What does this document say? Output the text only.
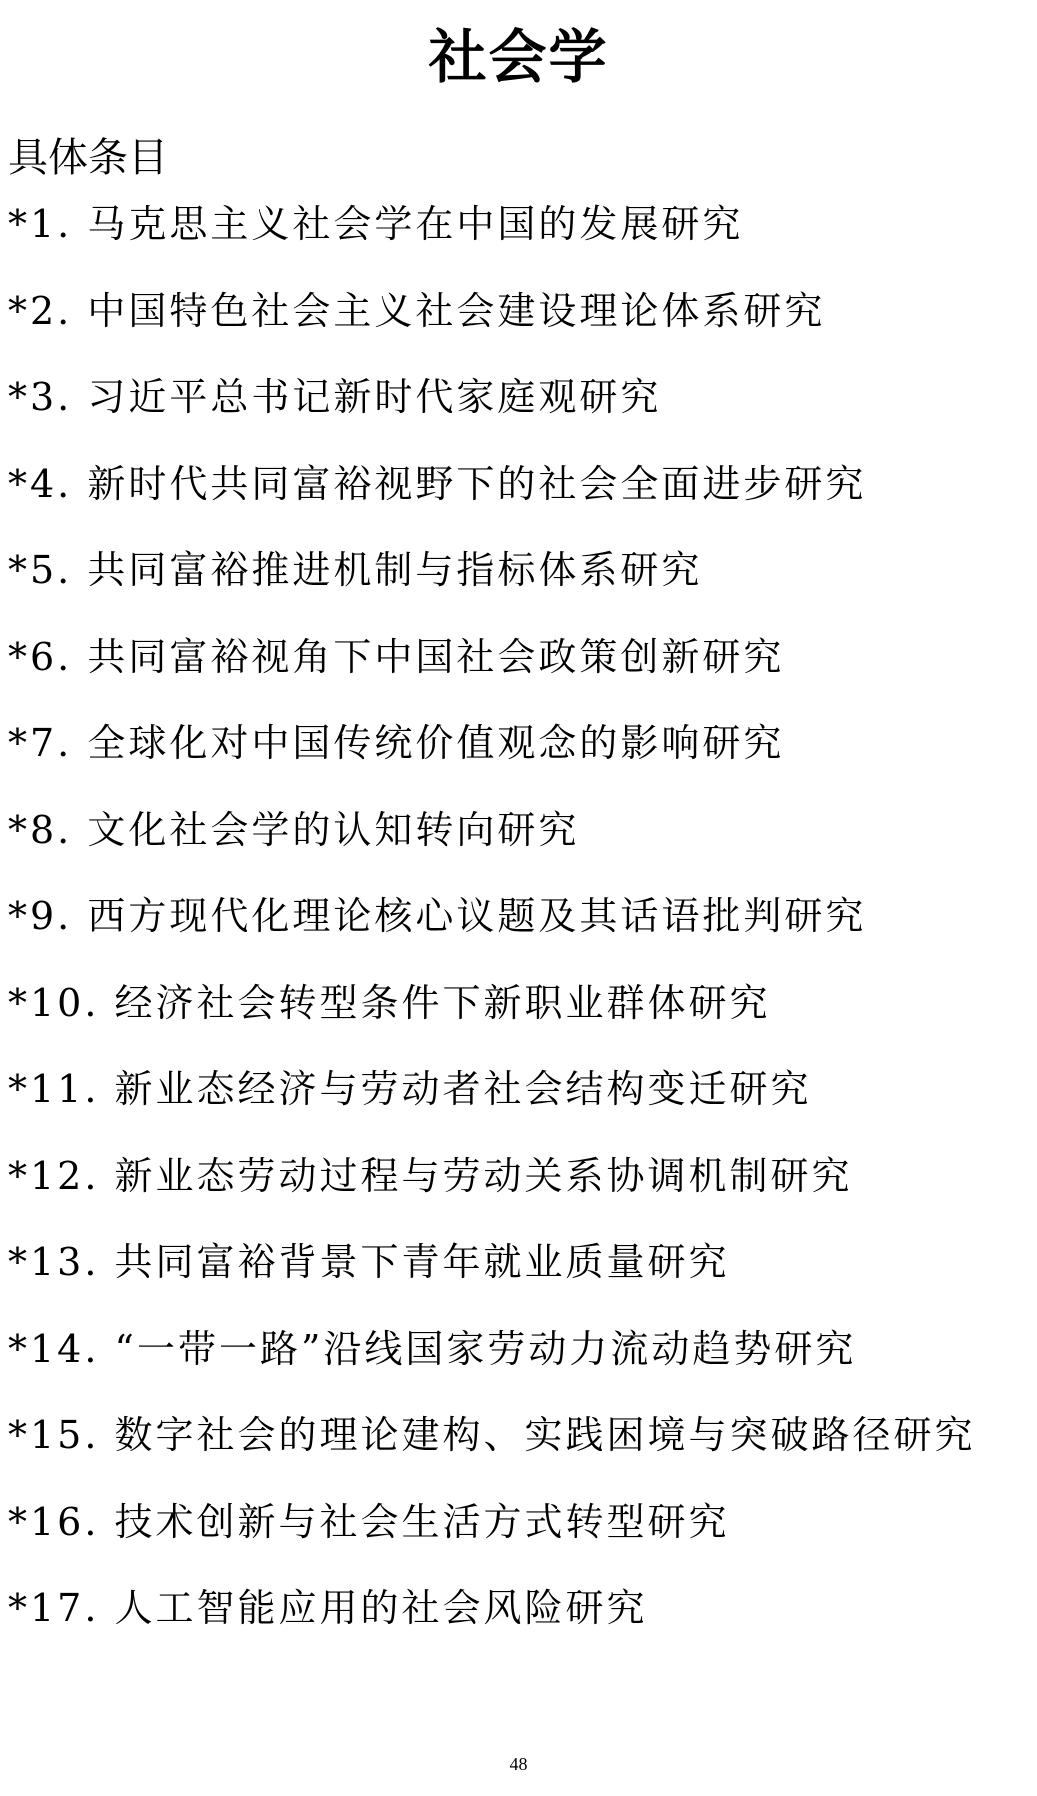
社会学
具体条目
*1. 马克思主义社会学在中国的发展研究
*2. 中国特色社会主义社会建设理论体系研究
*3. 习近平总书记新时代家庭观研究
*4. 新时代共同富裕视野下的社会全面进步研究
*5. 共同富裕推进机制与指标体系研究
*6. 共同富裕视角下中国社会政策创新研究
*7. 全球化对中国传统价值观念的影响研究
*8. 文化社会学的认知转向研究
*9. 西方现代化理论核心议题及其话语批判研究
*10. 经济社会转型条件下新职业群体研究
*11. 新业态经济与劳动者社会结构变迁研究
*12. 新业态劳动过程与劳动关系协调机制研究
*13. 共同富裕背景下青年就业质量研究
*14. “一带一路”沿线国家劳动力流动趋势研究
*15. 数字社会的理论建构、实践困境与突破路径研究
*16. 技术创新与社会生活方式转型研究
*17. 人工智能应用的社会风险研究
48
